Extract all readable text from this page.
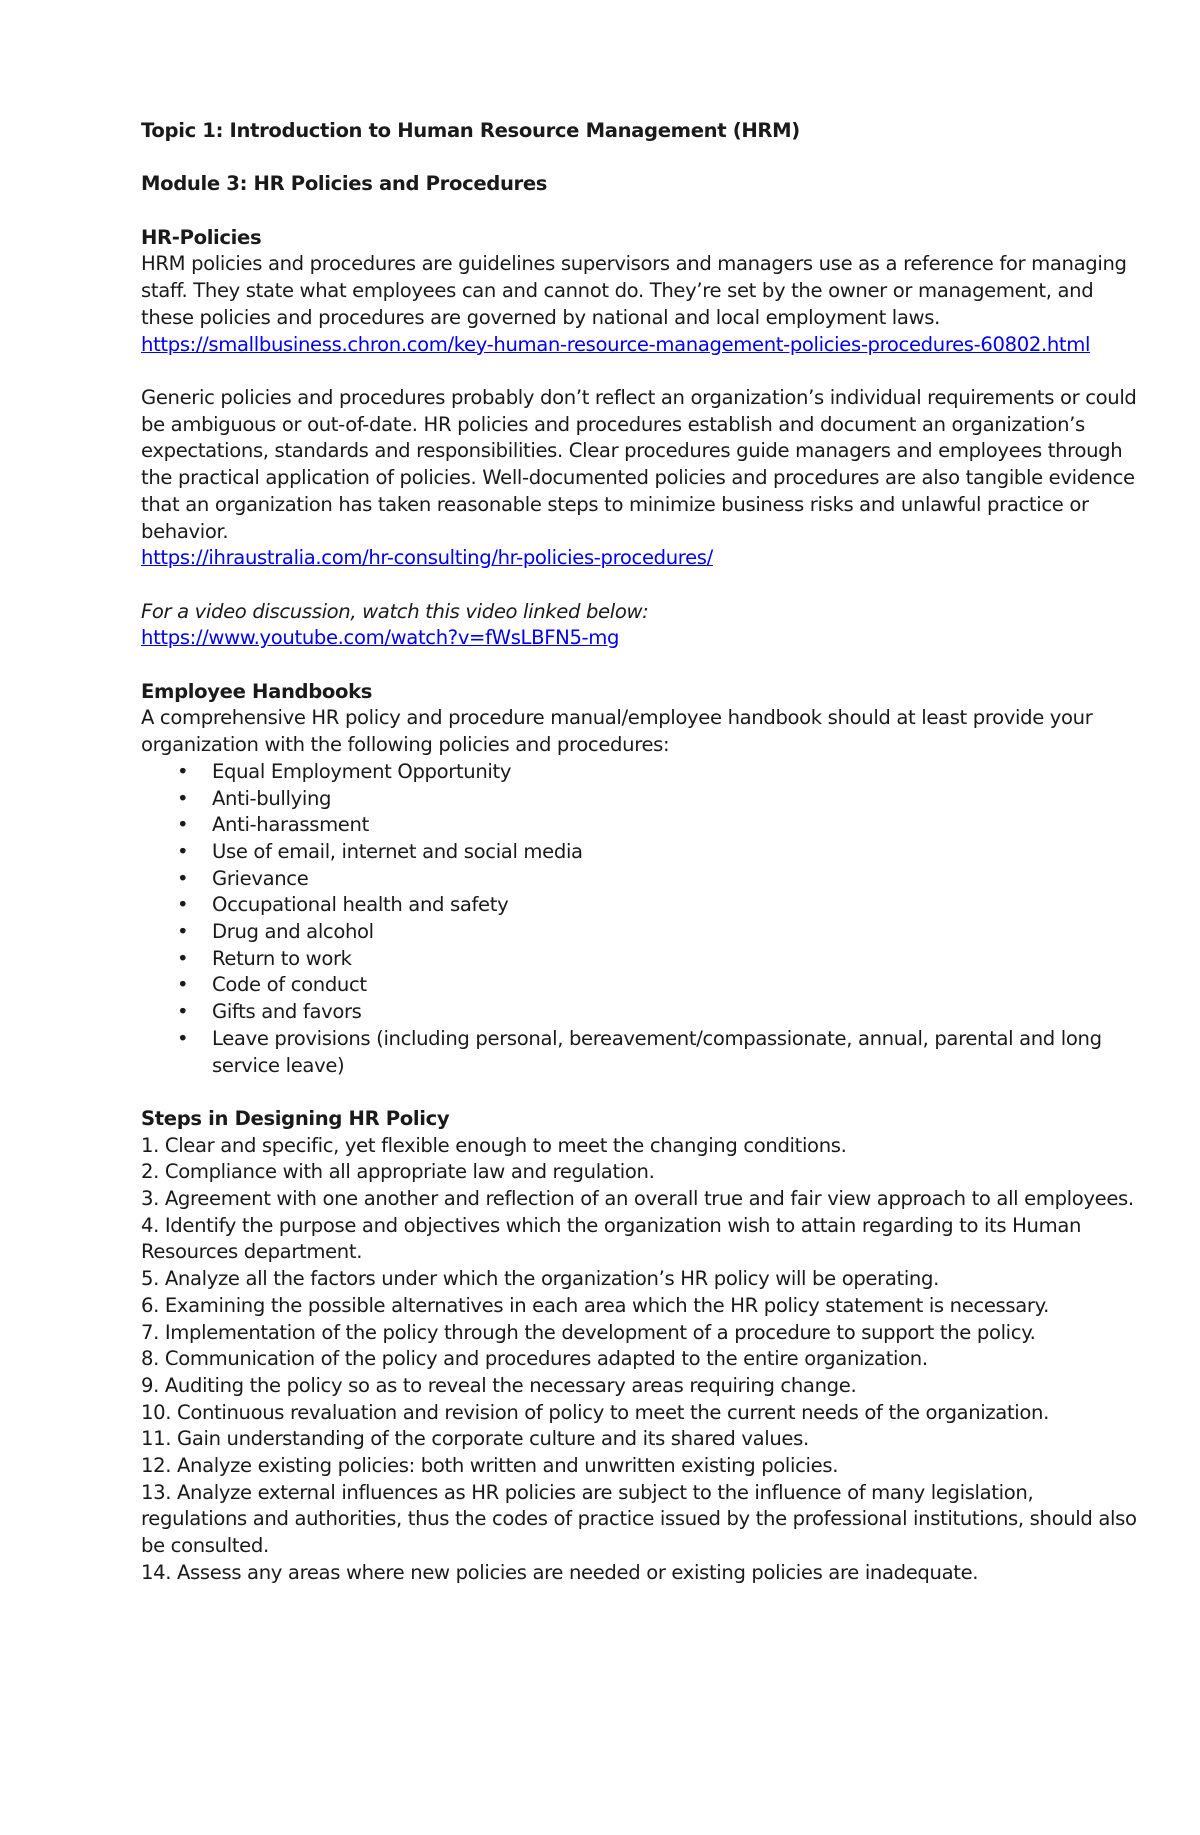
Topic 1: Introduction to Human Resource Management (HRM)

Module 3: HR Policies and Procedures

HR-Policies

HRM policies and procedures are guidelines supervisors and managers use as a reference for managing staff. They state what employees can and cannot do. They’re set by the owner or management, and these policies and procedures are governed by national and local employment laws.

https://smallbusiness.chron.com/key-human-resource-management-policies-procedures-60802.html

Generic policies and procedures probably don’t reflect an organization’s individual requirements or could be ambiguous or out-of-date. HR policies and procedures establish and document an organization’s expectations, standards and responsibilities. Clear procedures guide managers and employees through the practical application of policies. Well-documented policies and procedures are also tangible evidence that an organization has taken reasonable steps to minimize business risks and unlawful practice or behavior.

https://ihraustralia.com/hr-consulting/hr-policies-procedures/

For a video discussion, watch this video linked below:

https://www.youtube.com/watch?v=fWsLBFN5-mg

Employee Handbooks

A comprehensive HR policy and procedure manual/employee handbook should at least provide your organization with the following policies and procedures:

• Equal Employment Opportunity
• Anti-bullying
• Anti-harassment
• Use of email, internet and social media
• Grievance
• Occupational health and safety
• Drug and alcohol
• Return to work
• Code of conduct
• Gifts and favors
• Leave provisions (including personal, bereavement/compassionate, annual, parental and long service leave)

Steps in Designing HR Policy

1. Clear and specific, yet flexible enough to meet the changing conditions.

2. Compliance with all appropriate law and regulation.

3. Agreement with one another and reflection of an overall true and fair view approach to all employees.

4. Identify the purpose and objectives which the organization wish to attain regarding to its Human Resources department.

5. Analyze all the factors under which the organization’s HR policy will be operating.

6. Examining the possible alternatives in each area which the HR policy statement is necessary.

7. Implementation of the policy through the development of a procedure to support the policy.

8. Communication of the policy and procedures adapted to the entire organization.

9. Auditing the policy so as to reveal the necessary areas requiring change.

10. Continuous revaluation and revision of policy to meet the current needs of the organization.

11. Gain understanding of the corporate culture and its shared values.

12. Analyze existing policies: both written and unwritten existing policies.

13. Analyze external influences as HR policies are subject to the influence of many legislation, regulations and authorities, thus the codes of practice issued by the professional institutions, should also be consulted.

14. Assess any areas where new policies are needed or existing policies are inadequate.
